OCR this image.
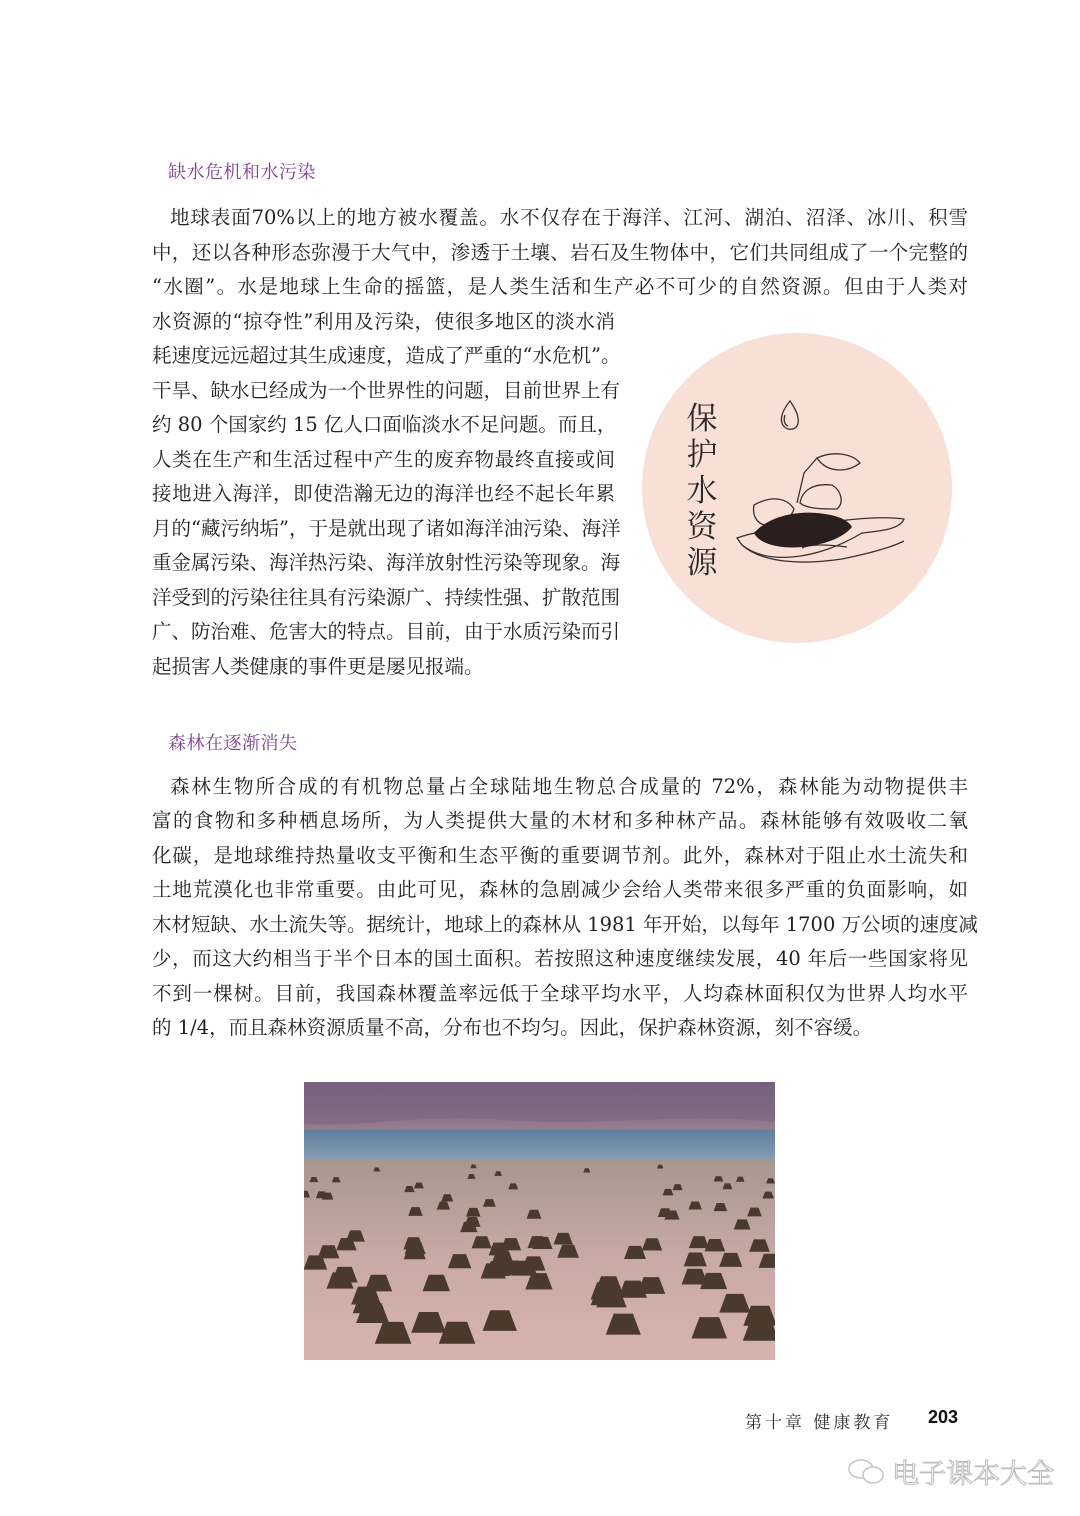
缺水危机和水污染
地球表面70%以上的地方被水覆盖。水不仅存在于海洋、江河、湖泊、沼泽、冰川、积雪
中，还以各种形态弥漫于大气中，渗透于土壤、岩石及生物体中，它们共同组成了一个完整的
“水圈”。水是地球上生命的摇篮，是人类生活和生产必不可少的自然资源。但由于人类对
水资源的“掠夺性”利用及污染，使很多地区的淡水消
耗速度远远超过其生成速度，造成了严重的“水危机”。
干旱、缺水已经成为一个世界性的问题，目前世界上有
约 80 个国家约 15 亿人口面临淡水不足问题。而且，
人类在生产和生活过程中产生的废弃物最终直接或间
接地进入海洋，即使浩瀚无边的海洋也经不起长年累
月的“藏污纳垢”，于是就出现了诸如海洋油污染、海洋
重金属污染、海洋热污染、海洋放射性污染等现象。海
洋受到的污染往往具有污染源广、持续性强、扩散范围
广、防治难、危害大的特点。目前，由于水质污染而引
起损害人类健康的事件更是屡见报端。
保护水资源
森林在逐渐消失
森林生物所合成的有机物总量占全球陆地生物总合成量的 72%，森林能为动物提供丰
富的食物和多种栖息场所，为人类提供大量的木材和多种林产品。森林能够有效吸收二氧
化碳，是地球维持热量收支平衡和生态平衡的重要调节剂。此外，森林对于阻止水土流失和
土地荒漠化也非常重要。由此可见，森林的急剧减少会给人类带来很多严重的负面影响，如
木材短缺、水土流失等。据统计，地球上的森林从 1981 年开始，以每年 1700 万公顷的速度减
少，而这大约相当于半个日本的国土面积。若按照这种速度继续发展，40 年后一些国家将见
不到一棵树。目前，我国森林覆盖率远低于全球平均水平，人均森林面积仅为世界人均水平
的 1/4，而且森林资源质量不高，分布也不均匀。因此，保护森林资源，刻不容缓。
第十章 健康教育 203
电子课本大全
